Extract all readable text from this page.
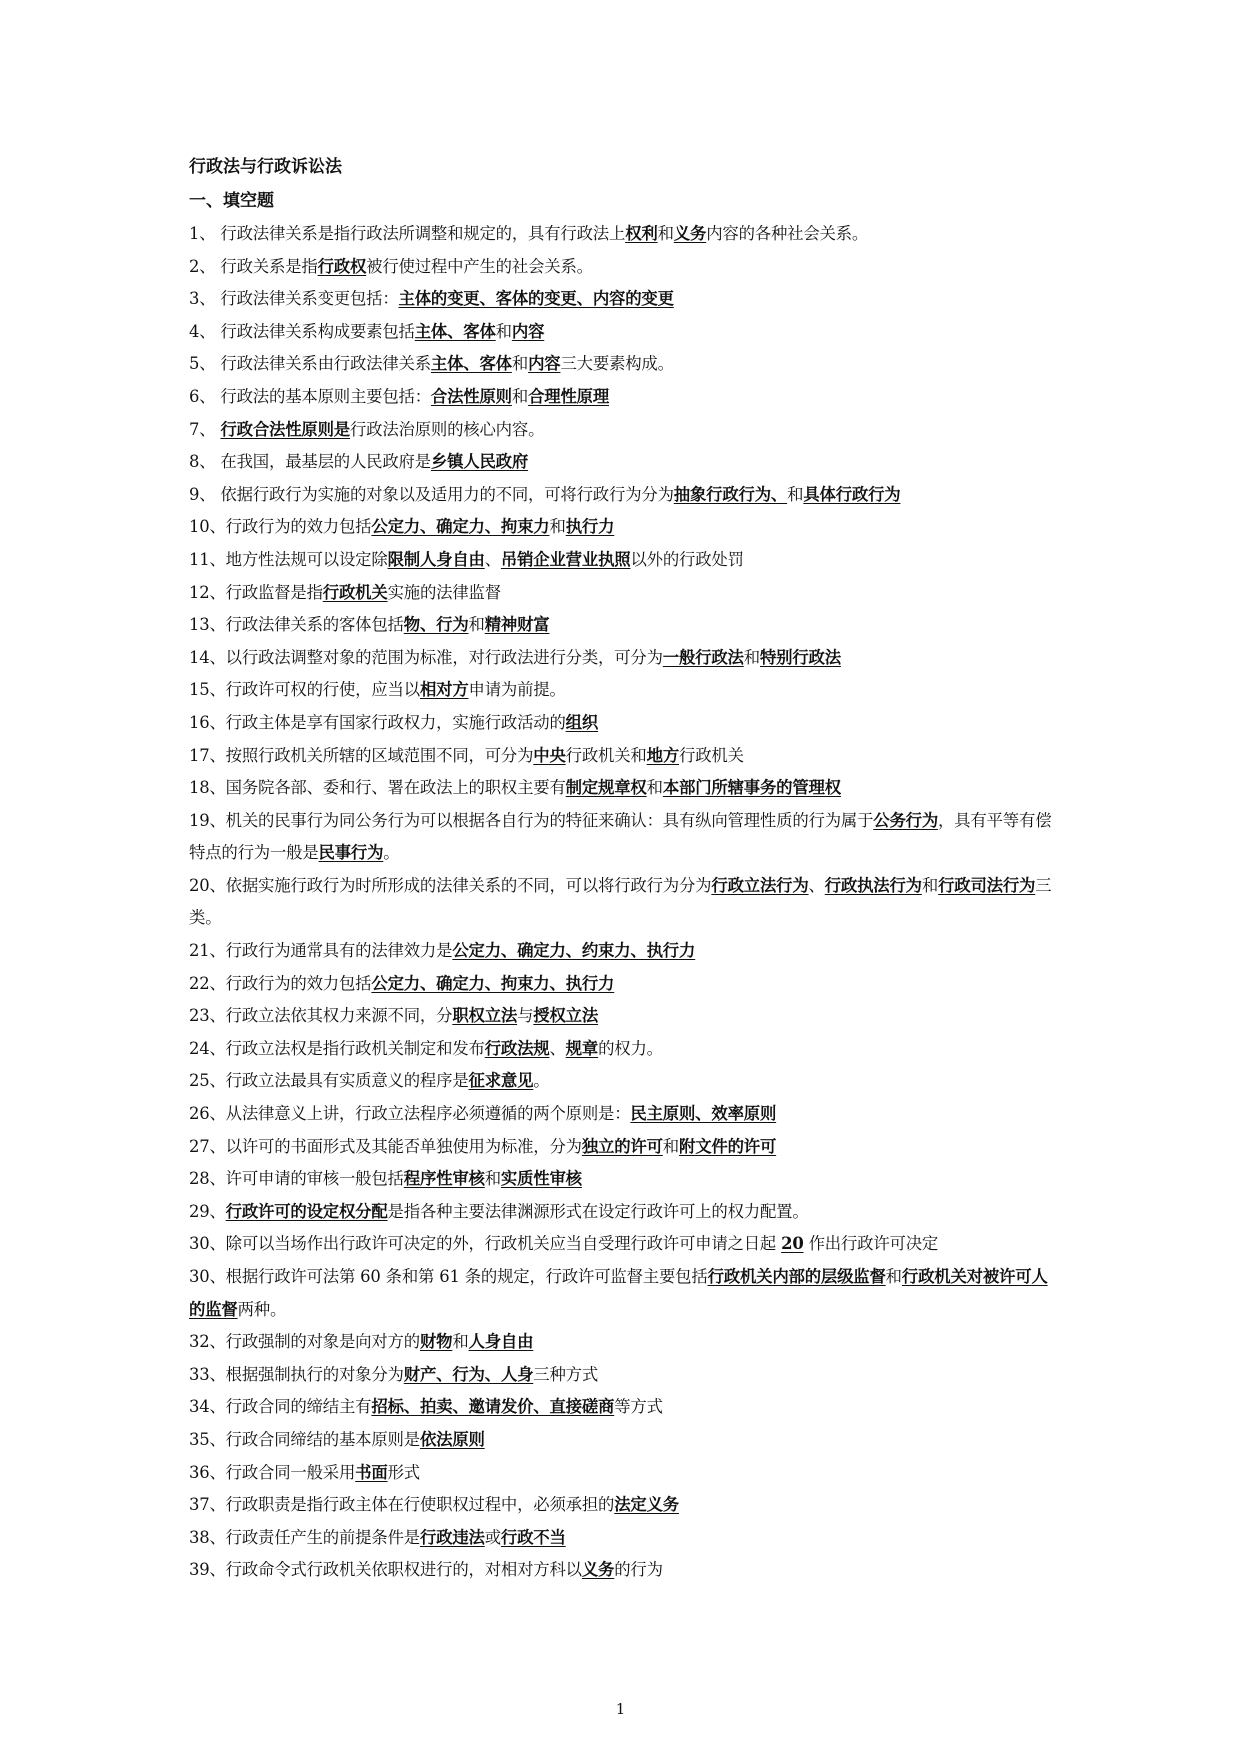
行政法与行政诉讼法
一、填空题
1、 行政法律关系是指行政法所调整和规定的，具有行政法上权利和义务内容的各种社会关系。
2、 行政关系是指行政权被行使过程中产生的社会关系。
3、 行政法律关系变更包括：主体的变更、客体的变更、内容的变更
4、 行政法律关系构成要素包括主体、客体和内容
5、 行政法律关系由行政法律关系主体、客体和内容三大要素构成。
6、 行政法的基本原则主要包括：合法性原则和合理性原理
7、 行政合法性原则是行政法治原则的核心内容。
8、 在我国，最基层的人民政府是乡镇人民政府
9、 依据行政行为实施的对象以及适用力的不同，可将行政行为分为抽象行政行为、和具体行政行为
10、行政行为的效力包括公定力、确定力、拘束力和执行力
11、地方性法规可以设定除限制人身自由、吊销企业营业执照以外的行政处罚
12、行政监督是指行政机关实施的法律监督
13、行政法律关系的客体包括物、行为和精神财富
14、以行政法调整对象的范围为标准，对行政法进行分类，可分为一般行政法和特别行政法
15、行政许可权的行使，应当以相对方申请为前提。
16、行政主体是享有国家行政权力，实施行政活动的组织
17、按照行政机关所辖的区域范围不同，可分为中央行政机关和地方行政机关
18、国务院各部、委和行、署在政法上的职权主要有制定规章权和本部门所辖事务的管理权
19、机关的民事行为同公务行为可以根据各自行为的特征来确认：具有纵向管理性质的行为属于公务行为，具有平等有偿特点的行为一般是民事行为。
20、依据实施行政行为时所形成的法律关系的不同，可以将行政行为分为行政立法行为、行政执法行为和行政司法行为三类。
21、行政行为通常具有的法律效力是公定力、确定力、约束力、执行力
22、行政行为的效力包括公定力、确定力、拘束力、执行力
23、行政立法依其权力来源不同，分职权立法与授权立法
24、行政立法权是指行政机关制定和发布行政法规、规章的权力。
25、行政立法最具有实质意义的程序是征求意见。
26、从法律意义上讲，行政立法程序必须遵循的两个原则是：民主原则、效率原则
27、以许可的书面形式及其能否单独使用为标准，分为独立的许可和附文件的许可
28、许可申请的审核一般包括程序性审核和实质性审核
29、行政许可的设定权分配是指各种主要法律渊源形式在设定行政许可上的权力配置。
30、除可以当场作出行政许可决定的外，行政机关应当自受理行政许可申请之日起 20 作出行政许可决定
30、根据行政许可法第 60 条和第 61 条的规定，行政许可监督主要包括行政机关内部的层级监督和行政机关对被许可人的监督两种。
32、行政强制的对象是向对方的财物和人身自由
33、根据强制执行的对象分为财产、行为、人身三种方式
34、行政合同的缔结主有招标、拍卖、邀请发价、直接磋商等方式
35、行政合同缔结的基本原则是依法原则
36、行政合同一般采用书面形式
37、行政职责是指行政主体在行使职权过程中，必须承担的法定义务
38、行政责任产生的前提条件是行政违法或行政不当
39、行政命令式行政机关依职权进行的，对相对方科以义务的行为
1
